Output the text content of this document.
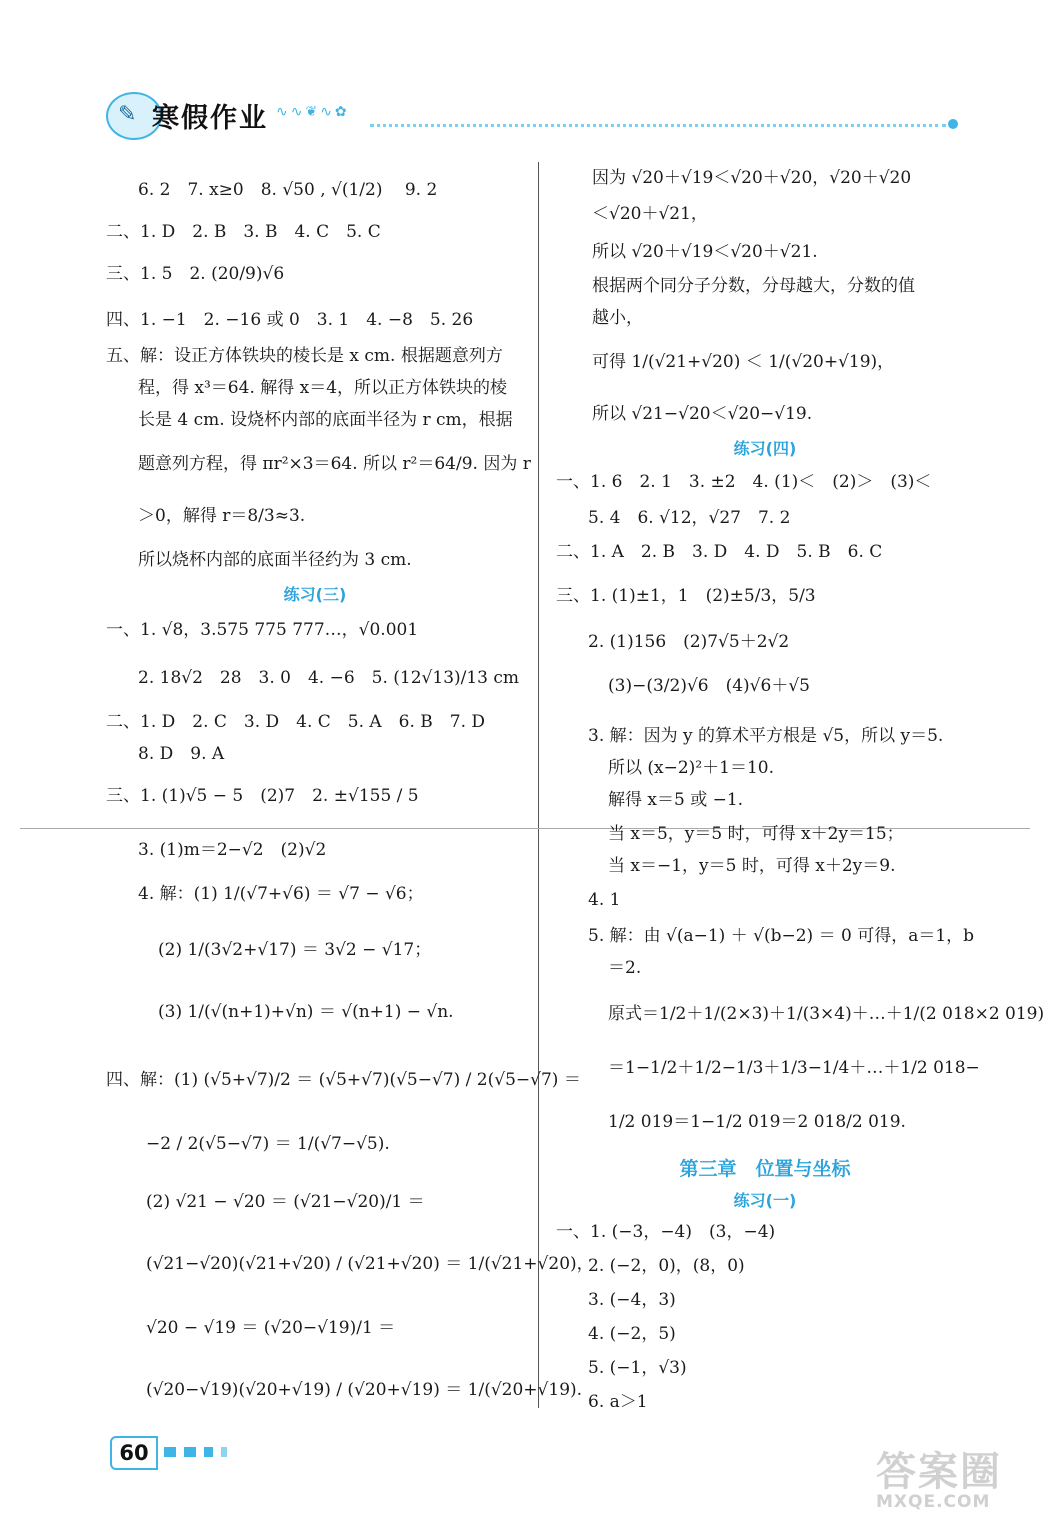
✎ 寒假作业 ∿∿❦∿✿
6. 2　7. x≥0　8. √50 , √(1/2)　 9. 2
二、1. D　2. B　3. B　4. C　5. C
三、1. 5　2. (20/9)√6
四、1. −1　2. −16 或 0　3. 1　4. −8　5. 26
五、解：设正方体铁块的棱长是 x cm. 根据题意列方
程，得 x³＝64. 解得 x＝4，所以正方体铁块的棱
长是 4 cm. 设烧杯内部的底面半径为 r cm，根据
题意列方程，得 πr²×3＝64. 所以 r²＝64/9. 因为 r
＞0，解得 r＝8/3≈3.
所以烧杯内部的底面半径约为 3 cm.
练习(三)
一、1. √8，3.575 775 777…，√0.001
2. 18√2　28　3. 0　4. −6　5. (12√13)/13 cm
二、1. D　2. C　3. D　4. C　5. A　6. B　7. D
8. D　9. A
三、1. (1)√5 − 5　(2)7　2. ±√155 / 5
3. (1)m＝2−√2　(2)√2
4. 解：(1) 1/(√7+√6) ＝ √7 − √6；
(2) 1/(3√2+√17) ＝ 3√2 − √17；
(3) 1/(√(n+1)+√n) ＝ √(n+1) − √n.
四、解：(1) (√5+√7)/2 ＝ (√5+√7)(√5−√7) / 2(√5−√7) ＝
−2 / 2(√5−√7) ＝ 1/(√7−√5).
(2) √21 − √20 ＝ (√21−√20)/1 ＝
(√21−√20)(√21+√20) / (√21+√20) ＝ 1/(√21+√20)，
√20 − √19 ＝ (√20−√19)/1 ＝
(√20−√19)(√20+√19) / (√20+√19) ＝ 1/(√20+√19).
因为 √20＋√19＜√20＋√20，√20＋√20
＜√20＋√21，
所以 √20＋√19＜√20＋√21.
根据两个同分子分数，分母越大，分数的值
越小，
可得 1/(√21+√20) ＜ 1/(√20+√19)，
所以 √21−√20＜√20−√19.
练习(四)
一、1. 6　2. 1　3. ±2　4. (1)＜　(2)＞　(3)＜
5. 4　6. √12，√27　7. 2
二、1. A　2. B　3. D　4. D　5. B　6. C
三、1. (1)±1，1　(2)±5/3，5/3
2. (1)156　(2)7√5＋2√2
(3)−(3/2)√6　(4)√6＋√5
3. 解：因为 y 的算术平方根是 √5，所以 y＝5.
所以 (x−2)²＋1＝10.
解得 x＝5 或 −1.
当 x＝5，y＝5 时，可得 x＋2y＝15；
当 x＝−1，y＝5 时，可得 x＋2y＝9.
4. 1
5. 解：由 √(a−1) ＋ √(b−2) ＝ 0 可得，a＝1，b
＝2.
原式＝1/2＋1/(2×3)＋1/(3×4)＋…＋1/(2 018×2 019)
＝1−1/2＋1/2−1/3＋1/3−1/4＋…＋1/2 018−
1/2 019＝1−1/2 019＝2 018/2 019.
第三章　位置与坐标
练习(一)
一、1. (−3，−4)　(3，−4)
2. (−2，0)，(8，0)
3. (−4，3)
4. (−2，5)
5. (−1，√3)
6. a＞1
60	答案圈
MXQE.COM
